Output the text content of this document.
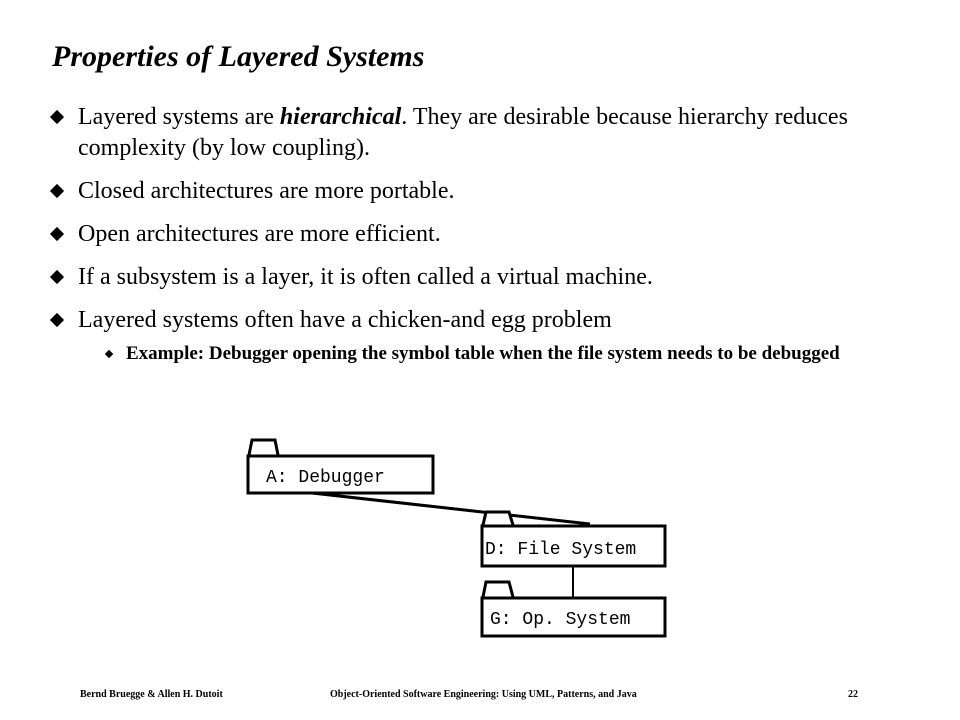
Properties of Layered Systems
Layered systems are hierarchical. They are desirable because hierarchy reduces complexity (by low coupling).
Closed architectures are more portable.
Open architectures are more efficient.
If a subsystem is a layer, it is often called a virtual machine.
Layered systems often have a chicken-and egg problem
Example: Debugger opening the symbol table when the file system needs to be debugged
A: Debugger
D: File System
G: Op. System
Bernd Bruegge & Allen H. Dutoit	Object-Oriented Software Engineering: Using UML, Patterns, and Java	22
